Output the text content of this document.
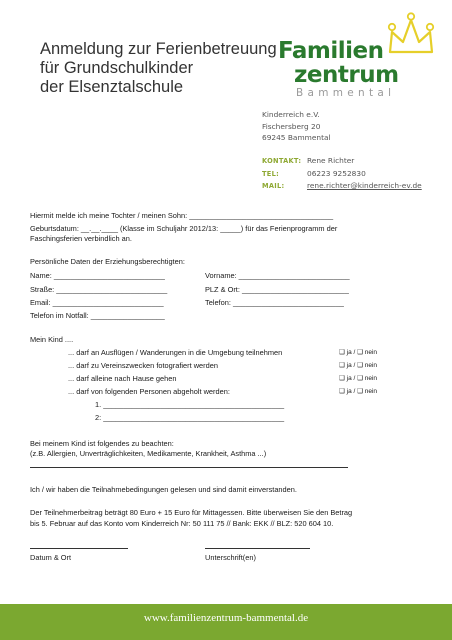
Anmeldung zur Ferienbetreuung
für Grundschulkinder
der Elsenztalschule
Familien
zentrum
Bammental
Kinderreich e.V.
Fischersberg 20
69245 Bammental
KONTAKT: Rene Richter
TEL:	06223 9252830
MAIL:	rene.richter@kinderreich-ev.de
Hiermit melde ich meine Tochter / meinen Sohn: ___________________________________
Geburtsdatum: __.__.____ (Klasse im Schuljahr 2012/13: _____) für das Ferienprogramm der
Faschingsferien verbindlich an.
Persönliche Daten der Erziehungsberechtigten:
Name: ___________________________	Vorname: ___________________________
Straße: ___________________________	PLZ & Ort: __________________________
Email: ___________________________	Telefon: ___________________________
Telefon im Notfall: __________________
Mein Kind ....
... darf an Ausflügen / Wanderungen in die Umgebung teilnehmen	❑ ja / ❑ nein
... darf zu Vereinszwecken fotografiert werden	❑ ja / ❑ nein
... darf alleine nach Hause gehen	❑ ja / ❑ nein
... darf von folgenden Personen abgeholt werden:	❑ ja / ❑ nein
1. ____________________________________________
2: ____________________________________________
Bei meinem Kind ist folgendes zu beachten:
(z.B. Allergien, Unverträglichkeiten, Medikamente, Krankheit, Asthma ...)
Ich / wir haben die Teilnahmebedingungen gelesen und sind damit einverstanden.
Der Teilnehmerbeitrag beträgt 80 Euro + 15 Euro für Mittagessen. Bitte überweisen Sie den Betrag
bis 5. Februar auf das Konto vom Kinderreich Nr: 50 111 75 // Bank: EKK // BLZ: 520 604 10.
Datum & Ort	Unterschrift(en)
www.familienzentrum-bammental.de
